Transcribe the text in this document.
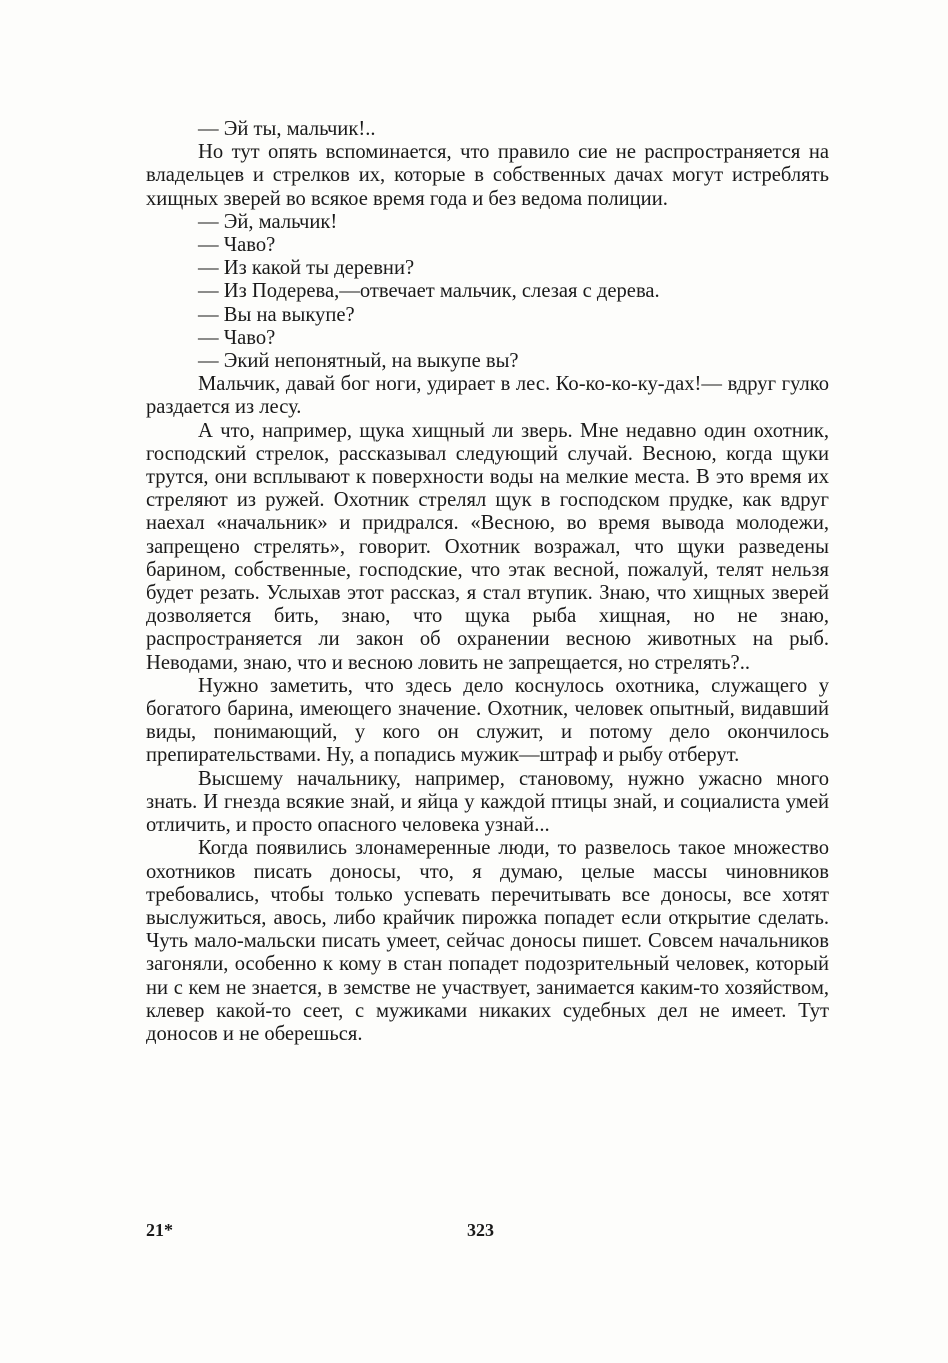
— Эй ты, мальчик!..

Но тут опять вспоминается, что правило сие не распространяется на владельцев и стрелков их, которые в собственных дачах могут истреблять хищных зверей во всякое время года и без ведома полиции.

— Эй, мальчик!

— Чаво?

— Из какой ты деревни?

— Из Подерева,—отвечает мальчик, слезая с дерева.

— Вы на выкупе?

— Чаво?

— Экий непонятный, на выкупе вы?

Мальчик, давай бог ноги, удирает в лес. Ко-ко-ко-ку-дах!— вдруг гулко раздается из лесу.

А что, например, щука хищный ли зверь. Мне недавно один охотник, господский стрелок, рассказывал следующий случай. Весною, когда щуки трутся, они всплывают к поверхности воды на мелкие места. В это время их стреляют из ружей. Охотник стрелял щук в господском прудке, как вдруг наехал «начальник» и придрался. «Весною, во время вывода молодежи, запрещено стрелять», говорит. Охотник возражал, что щуки разведены барином, собственные, господские, что этак весной, пожалуй, телят нельзя будет резать. Услыхав этот рассказ, я стал втупик. Знаю, что хищных зверей дозволяется бить, знаю, что щука рыба хищная, но не знаю, распространяется ли закон об охранении весною животных на рыб. Неводами, знаю, что и весною ловить не запрещается, но стрелять?..

Нужно заметить, что здесь дело коснулось охотника, служащего у богатого барина, имеющего значение. Охотник, человек опытный, видавший виды, понимающий, у кого он служит, и потому дело окончилось препирательствами. Ну, а попадись мужик—штраф и рыбу отберут.

Высшему начальнику, например, становому, нужно ужасно много знать. И гнезда всякие знай, и яйца у каждой птицы знай, и социалиста умей отличить, и просто опасного человека узнай...

Когда появились злонамеренные люди, то развелось такое множество охотников писать доносы, что, я думаю, целые массы чиновников требовались, чтобы только успевать перечитывать все доносы, все хотят выслужиться, авось, либо крайчик пирожка попадет если открытие сделать. Чуть мало-мальски писать умеет, сейчас доносы пишет. Совсем начальников загоняли, особенно к кому в стан попадет подозрительный человек, который ни с кем не знается, в земстве не участвует, занимается каким-то хозяйством, клевер какой-то сеет, с мужиками никаких судебных дел не имеет. Тут доносов и не оберешься.

21*	323
